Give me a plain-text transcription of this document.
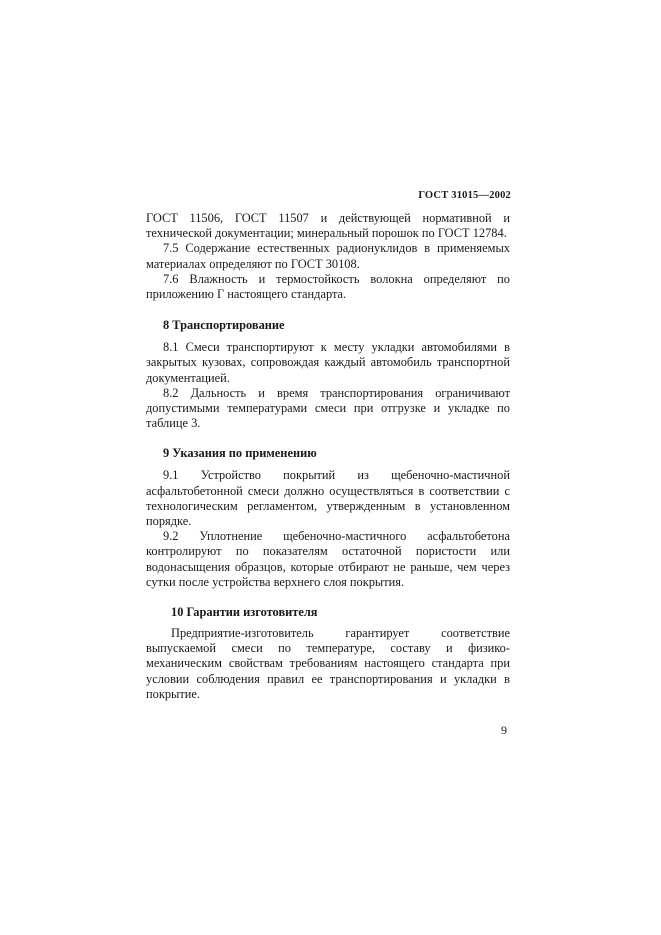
ГОСТ 31015—2002

ГОСТ 11506, ГОСТ 11507 и действующей нормативной и технической документации; минеральный порошок по ГОСТ 12784.

7.5 Содержание естественных радионуклидов в применяемых материалах определяют по ГОСТ 30108.

7.6 Влажность и термостойкость волокна определяют по приложению Г настоящего стандарта.

8 Транспортирование

8.1 Смеси транспортируют к месту укладки автомобилями в закрытых кузовах, сопровождая каждый автомобиль транспортной документацией.

8.2 Дальность и время транспортирования ограничивают допустимыми температурами смеси при отгрузке и укладке по таблице 3.

9 Указания по применению

9.1 Устройство покрытий из щебеночно-мастичной асфальтобетонной смеси должно осуществляться в соответствии с технологическим регламентом, утвержденным в установленном порядке.

9.2 Уплотнение щебеночно-мастичного асфальтобетона контролируют по показателям остаточной пористости или водонасыщения образцов, которые отбирают не раньше, чем через сутки после устройства верхнего слоя покрытия.

10 Гарантии изготовителя

Предприятие-изготовитель гарантирует соответствие выпускаемой смеси по температуре, составу и физико-механическим свойствам требованиям настоящего стандарта при условии соблюдения правил ее транспортирования и укладки в покрытие.

9
